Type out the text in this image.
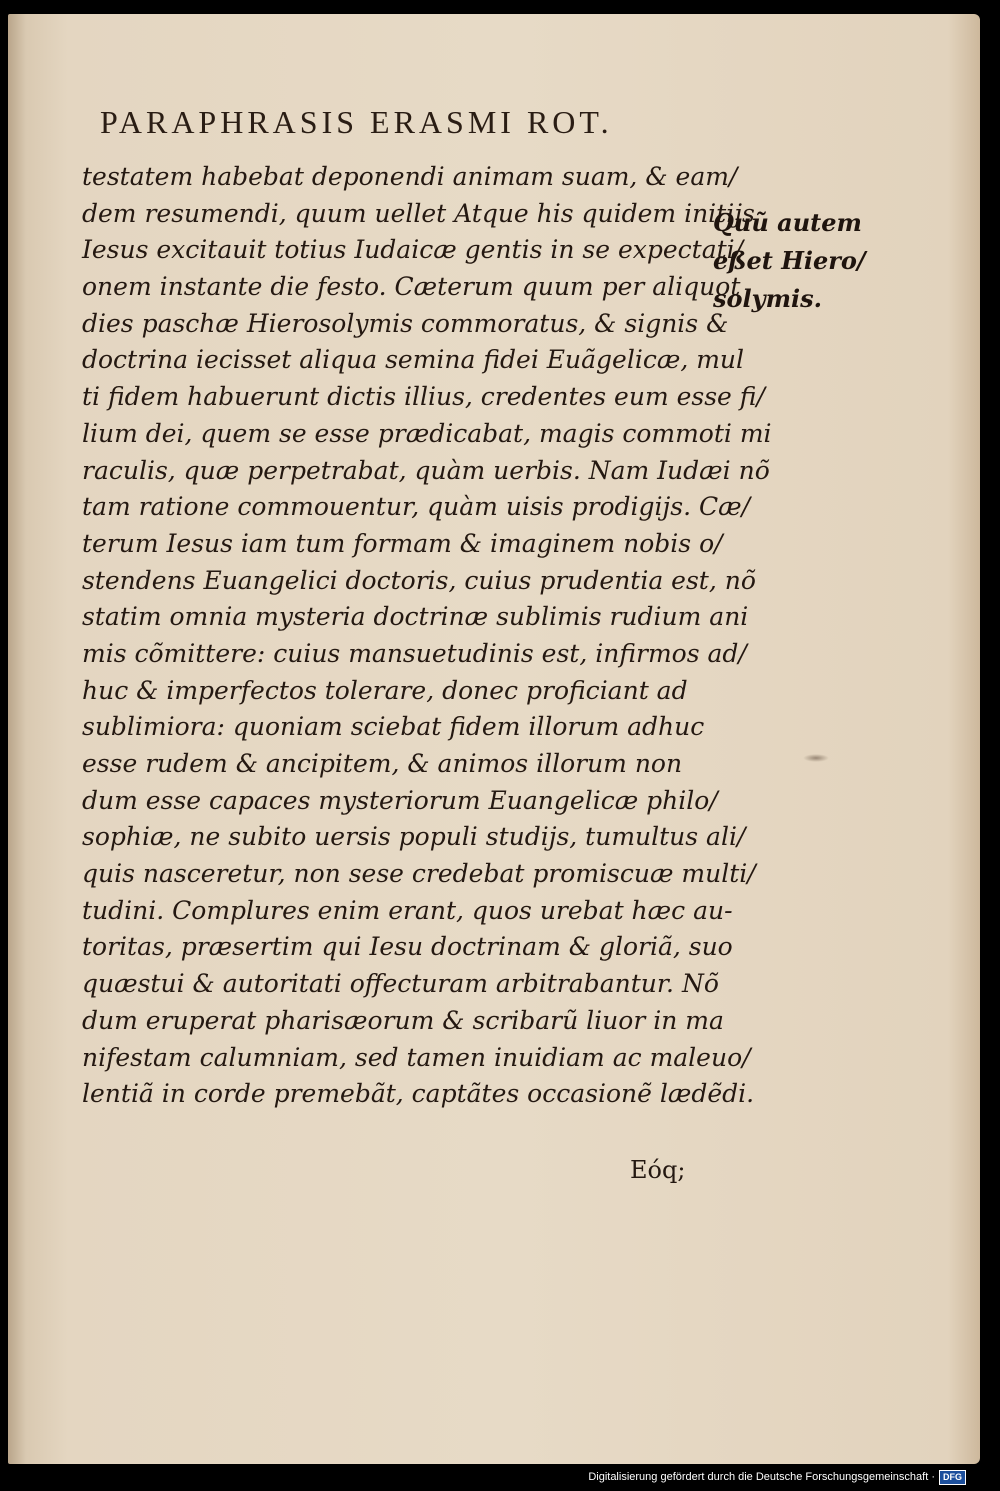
PARAPHRASIS ERASMI ROT.
testatem habebat deponendi animam suam, & eam/
dem resumendi, quum uellet Atque his quidem initijs
Iesus excitauit totius Iudaicæ gentis in se expectati/
onem instante die festo. Cæterum quum per aliquot
dies paschæ Hierosolymis commoratus, & signis &
doctrina iecisset aliqua semina fidei Euãgelicæ, mul
ti fidem habuerunt dictis illius, credentes eum esse fi/
lium dei, quem se esse prædicabat, magis commoti mi
raculis, quæ perpetrabat, quàm uerbis. Nam Iudæi nõ
tam ratione commouentur, quàm uisis prodigijs. Cæ/
terum Iesus iam tum formam & imaginem nobis o/
stendens Euangelici doctoris, cuius prudentia est, nõ
statim omnia mysteria doctrinæ sublimis rudium ani
mis cõmittere: cuius mansuetudinis est, infirmos ad/
huc & imperfectos tolerare, donec proficiant ad
sublimiora: quoniam sciebat fidem illorum adhuc
esse rudem & ancipitem, & animos illorum non
dum esse capaces mysteriorum Euangelicæ philo/
sophiæ, ne subito uersis populi studijs, tumultus ali/
quis nasceretur, non sese credebat promiscuæ multi/
tudini. Complures enim erant, quos urebat hæc au-
toritas, præsertim qui Iesu doctrinam & gloriã, suo
quæstui & autoritati offecturam arbitrabantur. Nõ
dum eruperat pharisæorum & scribarũ liuor in ma
nifestam calumniam, sed tamen inuidiam ac maleuo/
lentiã in corde premebãt, captãtes occasionẽ lædẽdi.
Quũ autem
eßet Hiero/
solymis.
Eóq;
Digitalisierung gefördert durch die Deutsche Forschungsgemeinschaft · DFG
